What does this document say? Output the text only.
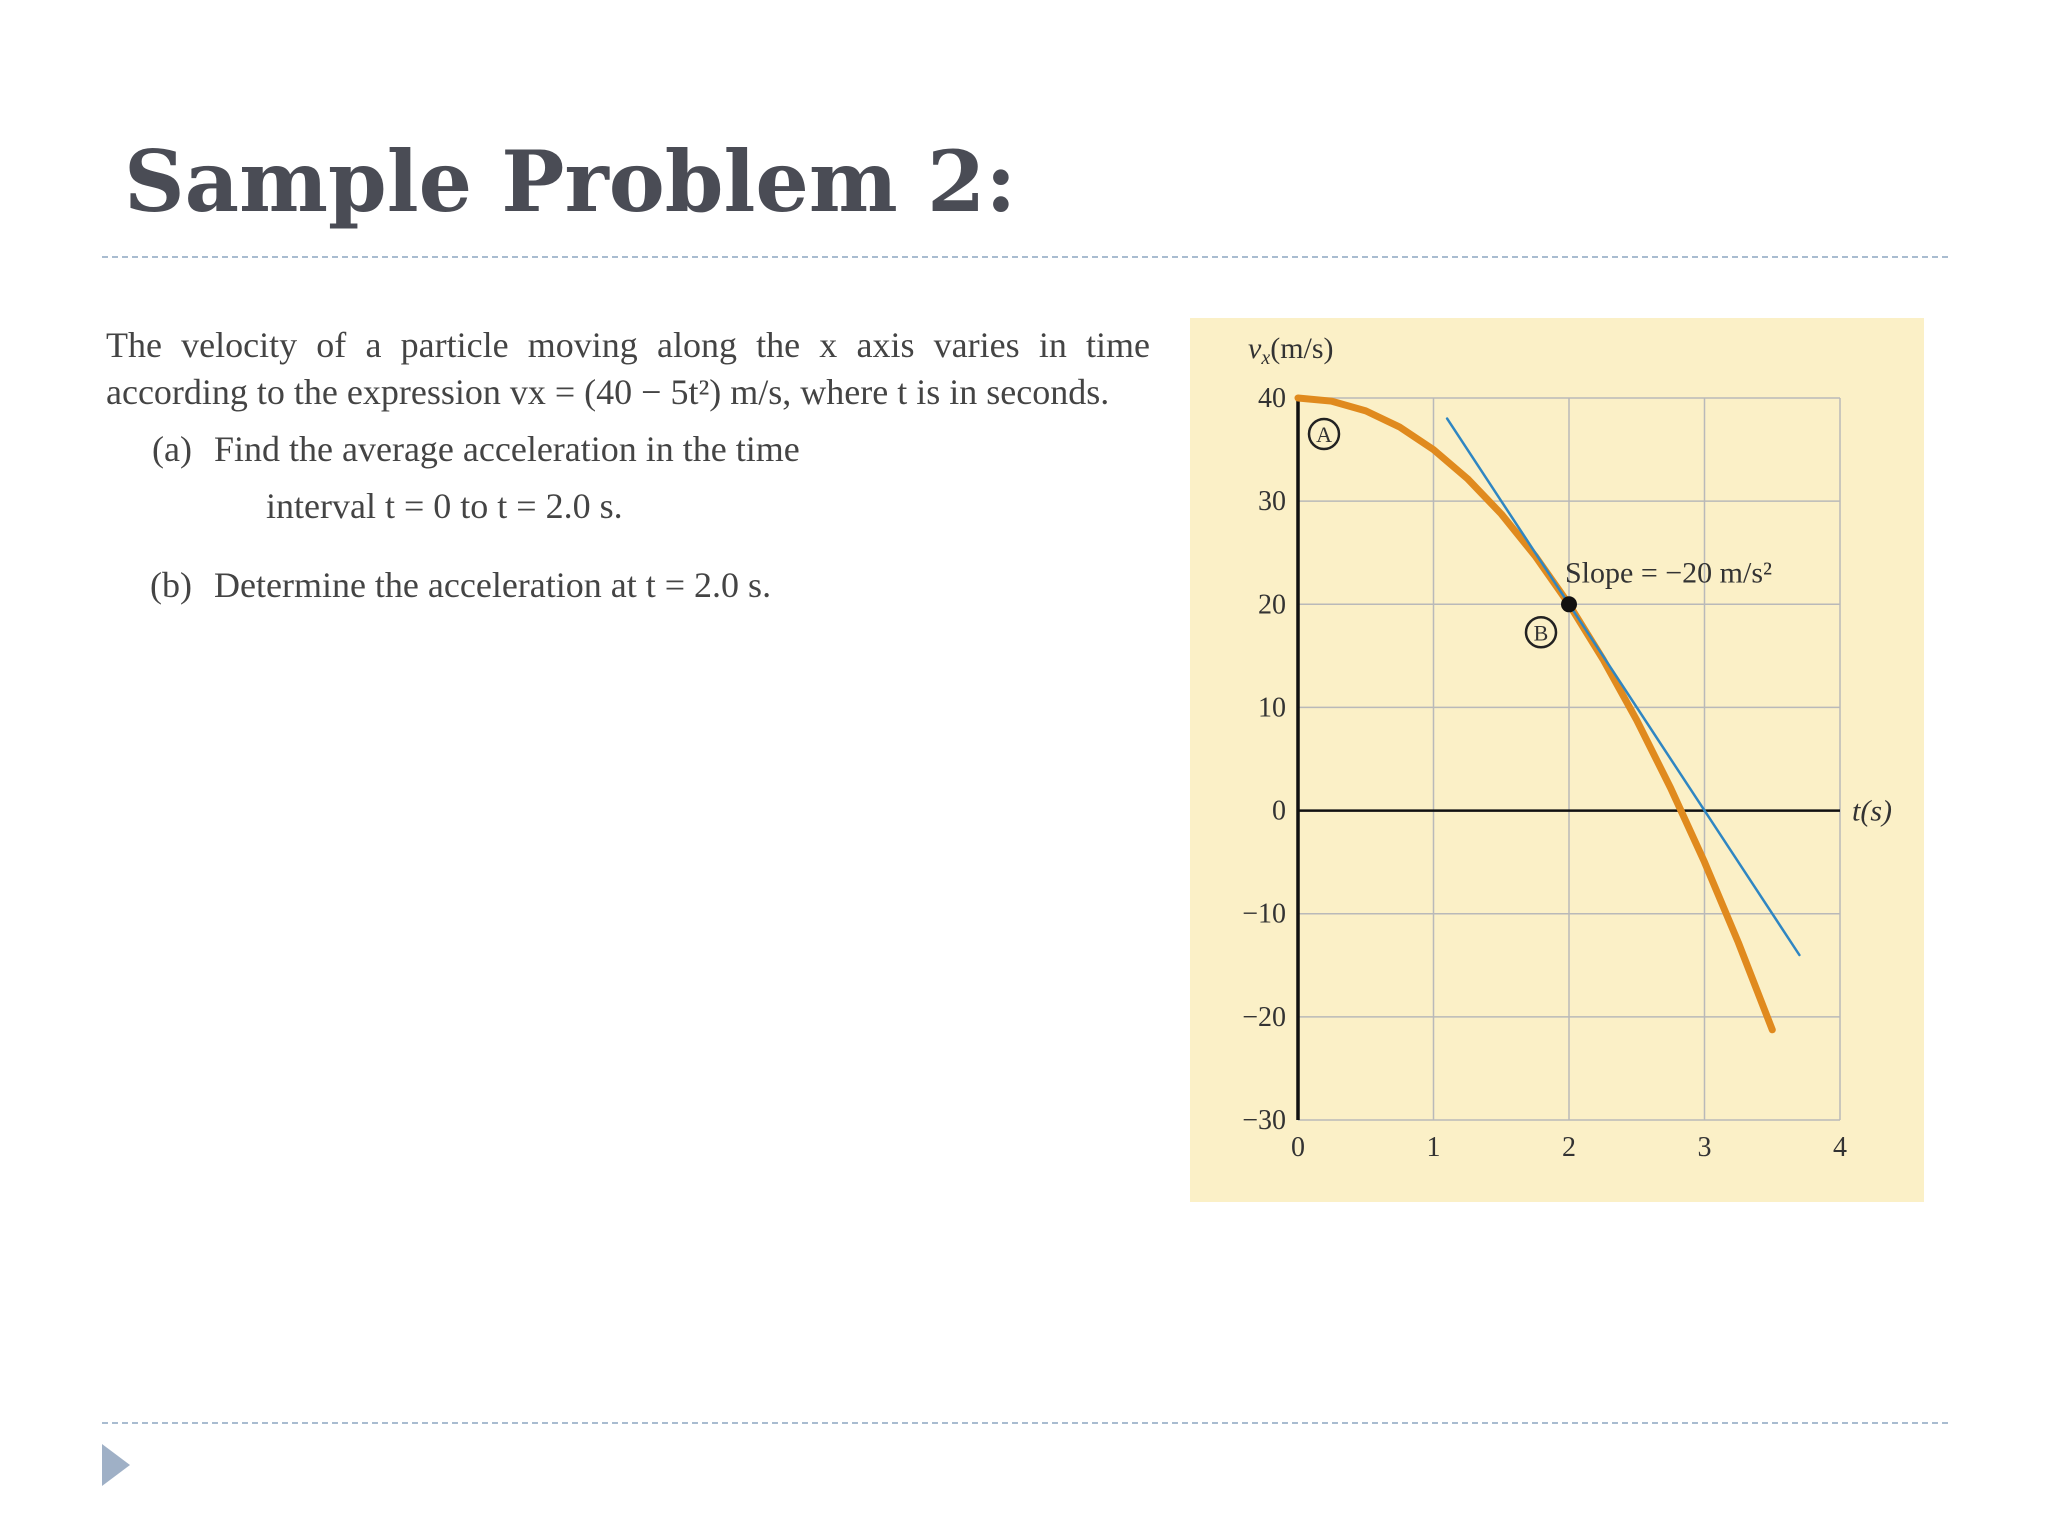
Sample Problem 2:

The velocity of a particle moving along the x axis varies in time according to the expression vx = (40 − 5t²) m/s, where t is in seconds.

(a) Find the average acceleration in the time
interval t = 0 to t = 2.0 s.
(b) Determine the acceleration at t = 2.0 s.
0	1	2	3	4
40
30
20
10
0
−10
−20
−30
$v_x(m/s)$
t(s)
A
B
Slope = −20 m/s²
